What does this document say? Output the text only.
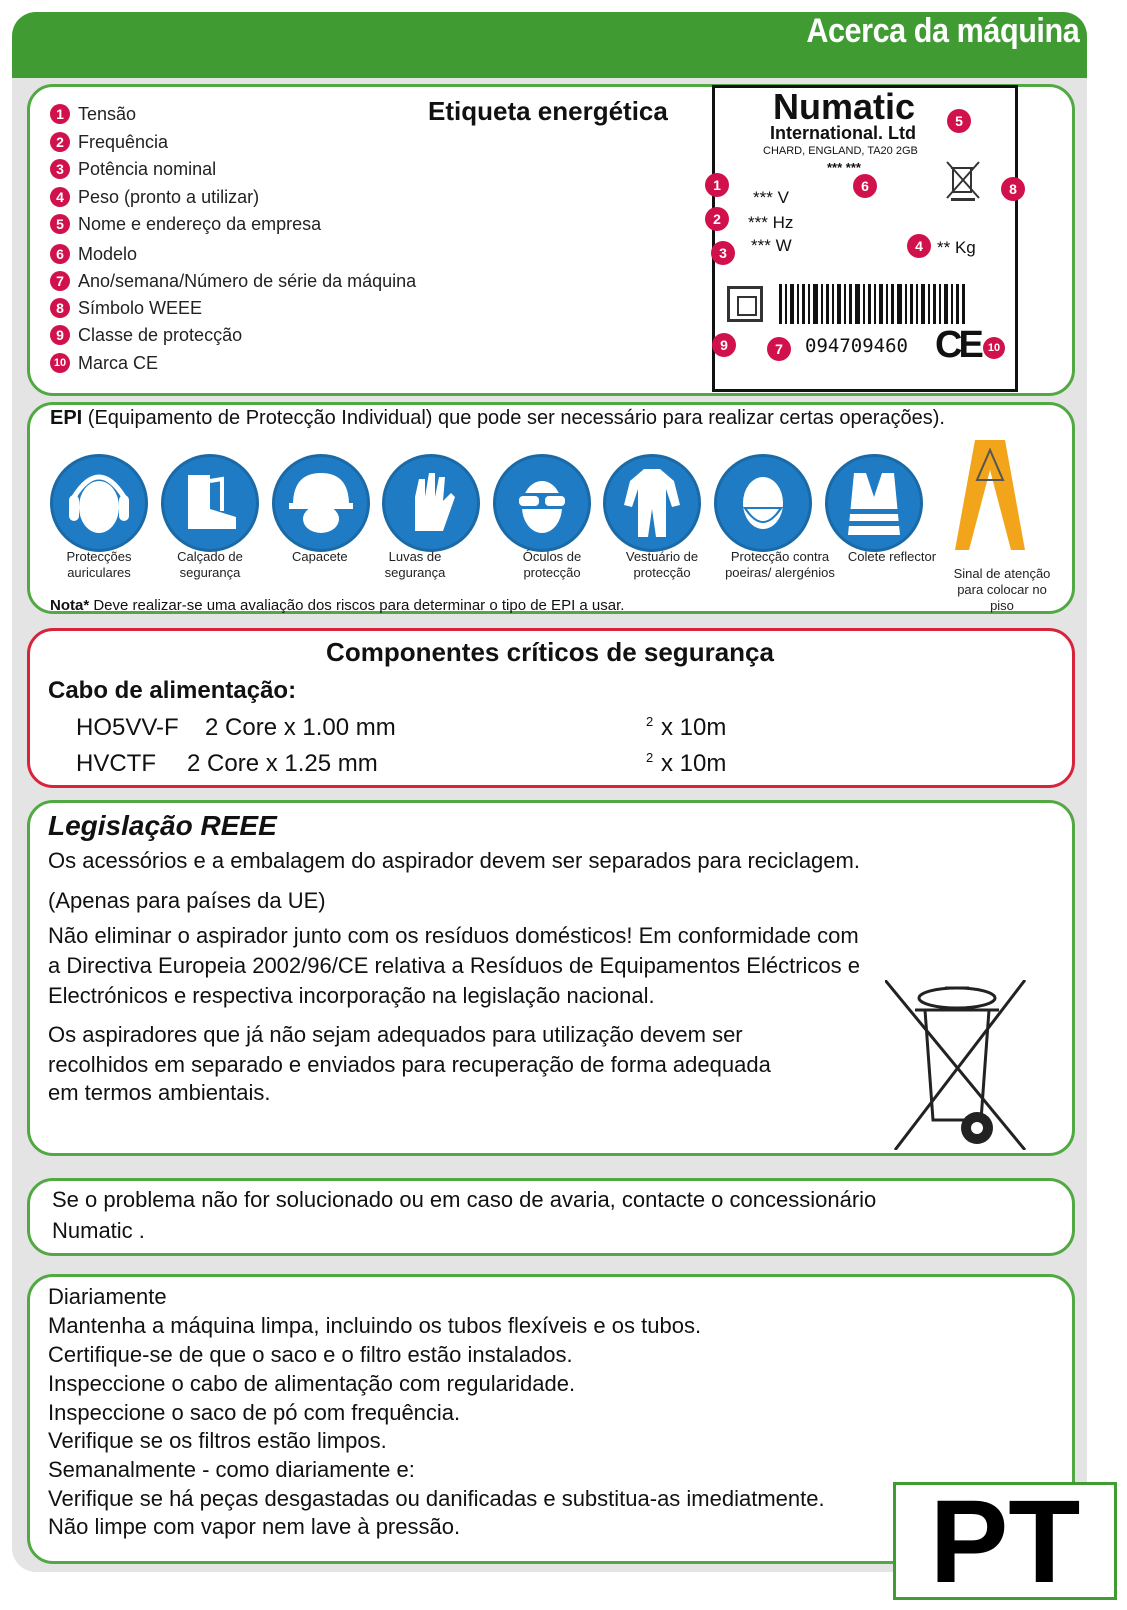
Acerca da máquina
Etiqueta energética
1 Tensão
2 Frequência
3 Potência nominal
4 Peso (pronto a utilizar)
5 Nome e endereço da empresa
6 Modelo
7 Ano/semana/Número de série da máquina
8 Símbolo WEEE
9 Classe de protecção
10 Marca CE
Numatic
International. Ltd
CHARD, ENGLAND, TA20 2GB
*** ***
*** V
*** Hz
*** W	** Kg
094709460 CE
1
2
3	4
5
6
7
8
9	10
EPI (Equipamento de Protecção Individual) que pode ser necessário para realizar certas operações).
Protecções auriculares
Calçado de segurança
Capacete	Luvas de segurança
Óculos de protecção
Vestuário de protecção
Protecção contra poeiras/ alergénios
Colete reflector
Sinal de atenção para colocar no piso
Nota* Deve realizar-se uma avaliação dos riscos para determinar o tipo de EPI a usar.
Componentes críticos de segurança
Cabo de alimentação:
HO5VV-F 2 Core x 1.00 mm	2 x 10m
HVCTF 2 Core x 1.25 mm	2 x 10m
Legislação REEE
Os acessórios e a embalagem do aspirador devem ser separados para reciclagem.
(Apenas para países da UE)
Não eliminar o aspirador junto com os resíduos domésticos! Em conformidade com
a Directiva Europeia 2002/96/CE relativa a Resíduos de Equipamentos Eléctricos e
Electrónicos e respectiva incorporação na legislação nacional.
Os aspiradores que já não sejam adequados para utilização devem ser
recolhidos em separado e enviados para recuperação de forma adequada
em termos ambientais.
Se o problema não for solucionado ou em caso de avaria, contacte o concessionário
Numatic .
Diariamente
Mantenha a máquina limpa, incluindo os tubos flexíveis e os tubos.
Certifique-se de que o saco e o filtro estão instalados.
Inspeccione o cabo de alimentação com regularidade.
Inspeccione o saco de pó com frequência.
Verifique se os filtros estão limpos.
Semanalmente - como diariamente e:
Verifique se há peças desgastadas ou danificadas e substitua-as imediatmente.
Não limpe com vapor nem lave à pressão.	PT
